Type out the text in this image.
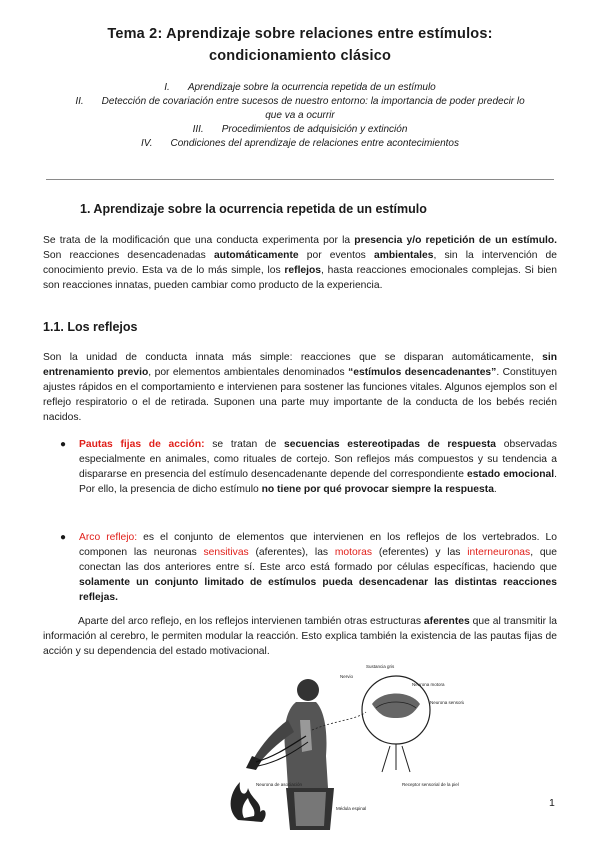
Tema 2: Aprendizaje sobre relaciones entre estímulos:
condicionamiento clásico
I. Aprendizaje sobre la ocurrencia repetida de un estímulo
II. Detección de covariación entre sucesos de nuestro entorno: la importancia de poder predecir lo
que va a ocurrir
III. Procedimientos de adquisición y extinción
IV. Condiciones del aprendizaje de relaciones entre acontecimientos
1. Aprendizaje sobre la ocurrencia repetida de un estímulo
Se trata de la modificación que una conducta experimenta por la presencia y/o repetición de un estímulo. Son reacciones desencadenadas automáticamente por eventos ambientales, sin la intervención de conocimiento previo. Esta va de lo más simple, los reflejos, hasta reacciones emocionales complejas. Si bien son reacciones innatas, pueden cambiar como producto de la experiencia.
1.1. Los reflejos
Son la unidad de conducta innata más simple: reacciones que se disparan automáticamente, sin entrenamiento previo, por elementos ambientales denominados “estímulos desencadenantes”. Constituyen ajustes rápidos en el comportamiento e intervienen para sostener las funciones vitales. Algunos ejemplos son el reflejo respiratorio o el de retirada. Suponen una parte muy importante de la conducta de los bebés recién nacidos.
● Pautas fijas de acción: se tratan de secuencias estereotipadas de respuesta observadas especialmente en animales, como rituales de cortejo. Son reflejos más compuestos y su tendencia a dispararse en presencia del estímulo desencadenante depende del correspondiente estado emocional. Por ello, la presencia de dicho estímulo no tiene por qué provocar siempre la respuesta.
● Arco reflejo: es el conjunto de elementos que intervienen en los reflejos de los vertebrados. Lo componen las neuronas sensitivas (aferentes), las motoras (eferentes) y las interneuronas, que conectan las dos anteriores entre sí. Este arco está formado por células específicas, haciendo que solamente un conjunto limitado de estímulos pueda desencadenar las distintas reacciones reflejas.
Aparte del arco reflejo, en los reflejos intervienen también otras estructuras aferentes que al transmitir la información al cerebro, le permiten modular la reacción. Esto explica también la existencia de las pautas fijas de acción y su dependencia del estado motivacional.
Sustancia gris
Neurona motora
Neurona sensorial
Receptor sensorial de la piel
Nervio
Médula espinal
Neurona de asociación
1
